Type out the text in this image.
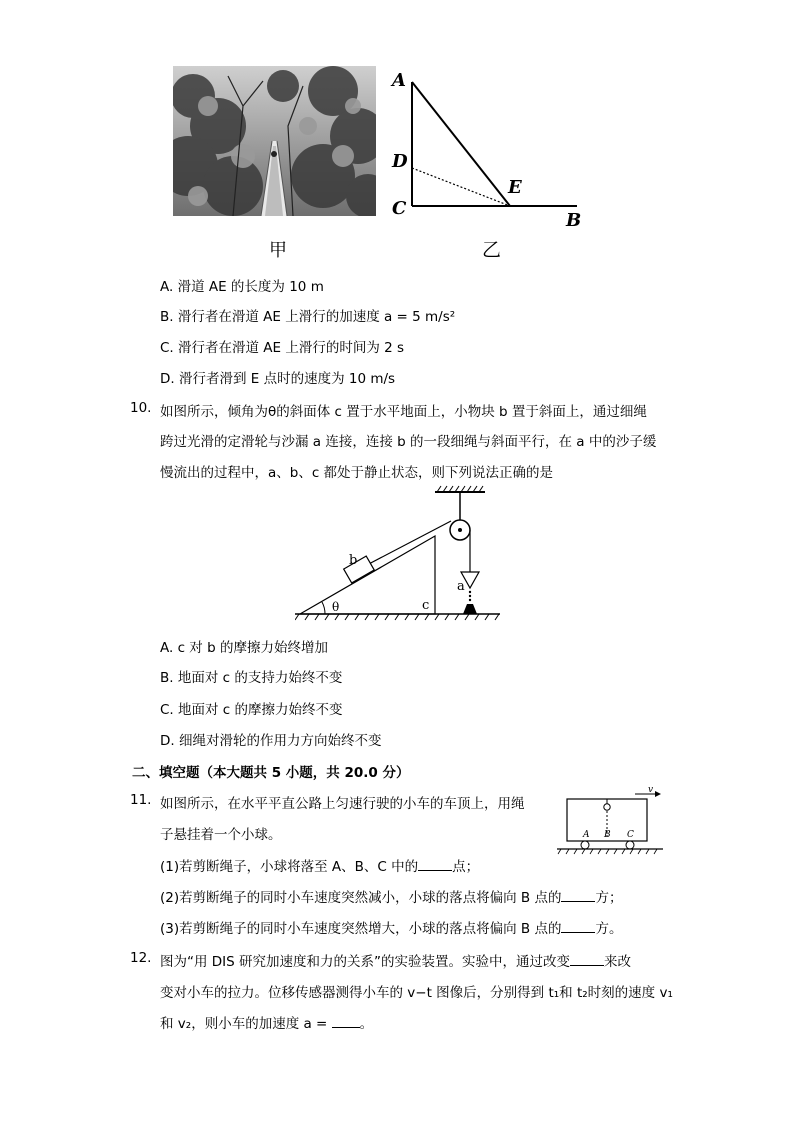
甲
A
D
C
E
B
乙
A. 滑道 AE 的长度为 10 m
B. 滑行者在滑道 AE 上滑行的加速度 a = 5 m/s²
C. 滑行者在滑道 AE 上滑行的时间为 2 s
D. 滑行者滑到 E 点时的速度为 10 m/s
10. 如图所示，倾角为θ的斜面体 c 置于水平地面上，小物块 b 置于斜面上，通过细绳
跨过光滑的定滑轮与沙漏 a 连接，连接 b 的一段细绳与斜面平行，在 a 中的沙子缓
慢流出的过程中，a、b、c 都处于静止状态，则下列说法正确的是
θ
b
c
a
A. c 对 b 的摩擦力始终增加
B. 地面对 c 的支持力始终不变
C. 地面对 c 的摩擦力始终不变
D. 细绳对滑轮的作用力方向始终不变
二、填空题（本大题共 5 小题，共 20.0 分）
11. 如图所示，在水平平直公路上匀速行驶的小车的车顶上，用绳
子悬挂着一个小球。
(1)若剪断绳子，小球将落至 A、B、C 中的	点；
(2)若剪断绳子的同时小车速度突然减小，小球的落点将偏向 B 点的	方；
(3)若剪断绳子的同时小车速度突然增大，小球的落点将偏向 B 点的	方。
v
A B C
12. 图为“用 DIS 研究加速度和力的关系”的实验装置。实验中，通过改变	来改
变对小车的拉力。位移传感器测得小车的 v−t 图像后，分别得到 t₁和 t₂时刻的速度 v₁
和 v₂，则小车的加速度 a = 。
